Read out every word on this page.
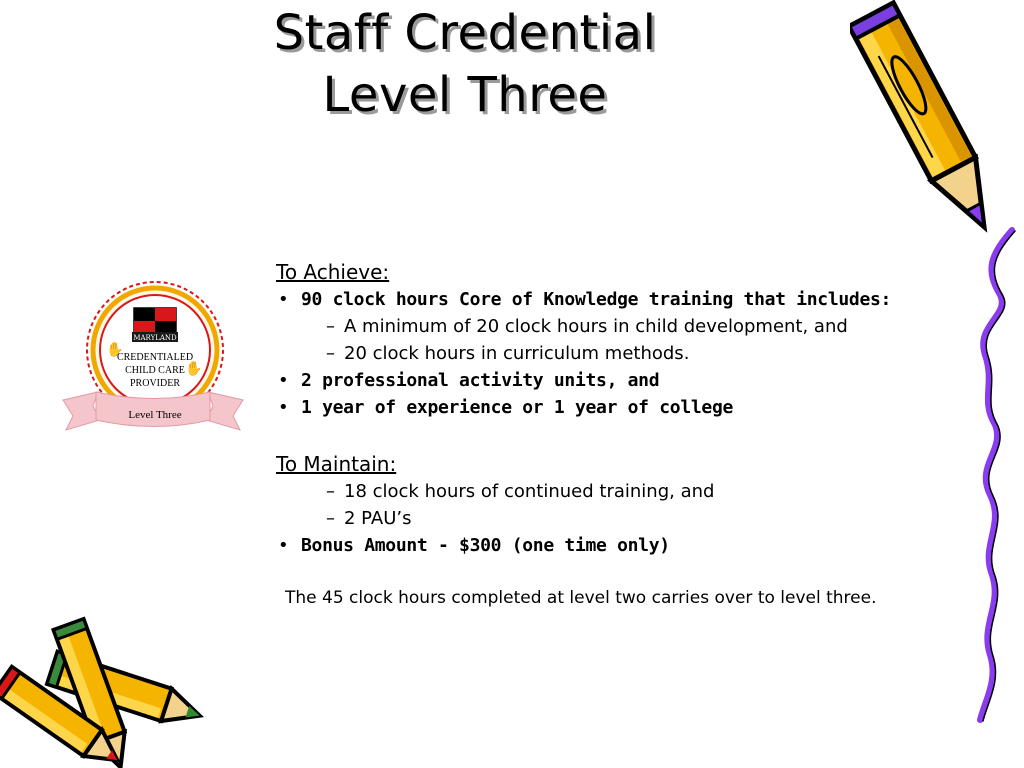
Staff Credential
Level Three
MARYLAND
CREDENTIALED
CHILD CARE
PROVIDER
✋
✋
Level Three
To Achieve:
• 90 clock hours Core of Knowledge training that includes:
– A minimum of 20 clock hours in child development, and
– 20 clock hours in curriculum methods.
• 2 professional activity units, and
• 1 year of experience or 1 year of college
To Maintain:
– 18 clock hours of continued training, and
– 2 PAU’s
• Bonus Amount - $300 (one time only)
The 45 clock hours completed at level two carries over to level three.
